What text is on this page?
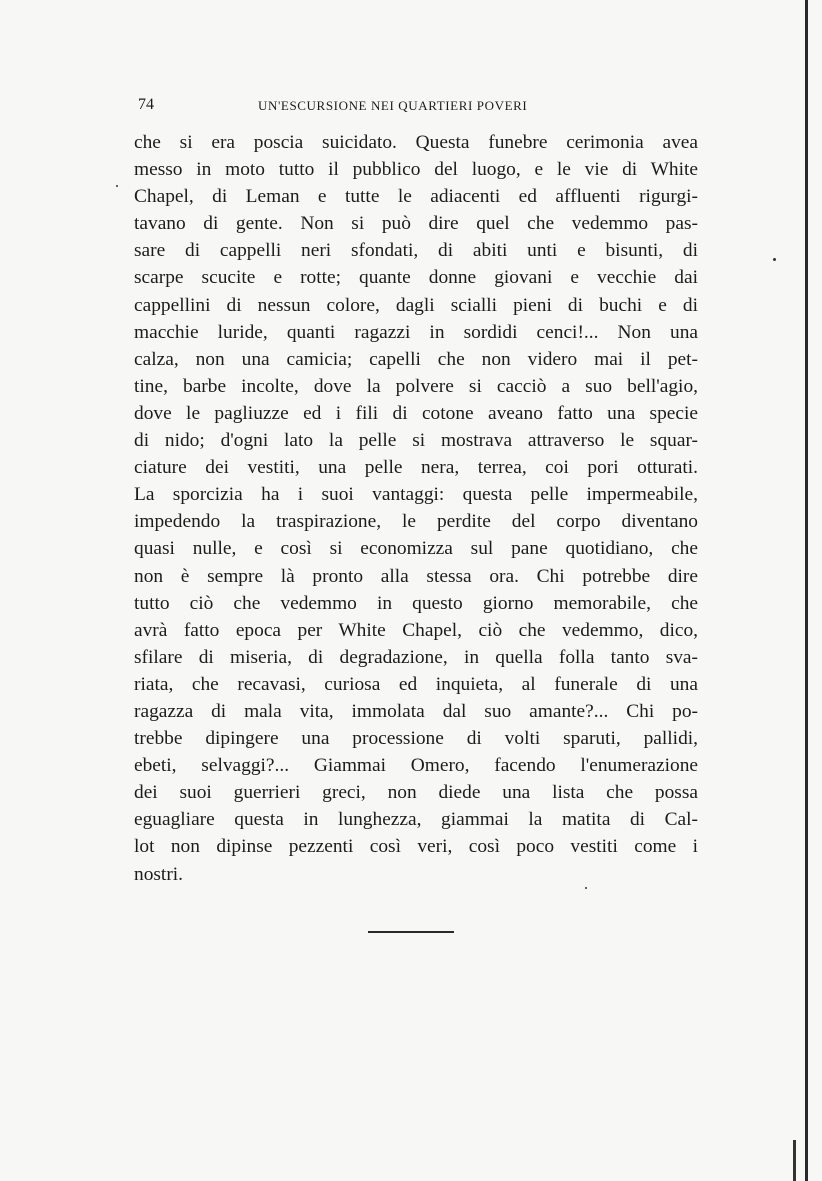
74	UN'ESCURSIONE NEI QUARTIERI POVERI
che si era poscia suicidato. Questa funebre cerimonia avea
messo in moto tutto il pubblico del luogo, e le vie di White
Chapel, di Leman e tutte le adiacenti ed affluenti rigurgi-
tavano di gente. Non si può dire quel che vedemmo pas-
sare di cappelli neri sfondati, di abiti unti e bisunti, di
scarpe scucite e rotte; quante donne giovani e vecchie dai
cappellini di nessun colore, dagli scialli pieni di buchi e di
macchie luride, quanti ragazzi in sordidi cenci!... Non una
calza, non una camicia; capelli che non videro mai il pet-
tine, barbe incolte, dove la polvere si cacciò a suo bell'agio,
dove le pagliuzze ed i fili di cotone aveano fatto una specie
di nido; d'ogni lato la pelle si mostrava attraverso le squar-
ciature dei vestiti, una pelle nera, terrea, coi pori otturati.
La sporcizia ha i suoi vantaggi: questa pelle impermeabile,
impedendo la traspirazione, le perdite del corpo diventano
quasi nulle, e così si economizza sul pane quotidiano, che
non è sempre là pronto alla stessa ora. Chi potrebbe dire
tutto ciò che vedemmo in questo giorno memorabile, che
avrà fatto epoca per White Chapel, ciò che vedemmo, dico,
sfilare di miseria, di degradazione, in quella folla tanto sva-
riata, che recavasi, curiosa ed inquieta, al funerale di una
ragazza di mala vita, immolata dal suo amante?... Chi po-
trebbe dipingere una processione di volti sparuti, pallidi,
ebeti, selvaggi?... Giammai Omero, facendo l'enumerazione
dei suoi guerrieri greci, non diede una lista che possa
eguagliare questa in lunghezza, giammai la matita di Cal-
lot non dipinse pezzenti così veri, così poco vestiti come i
nostri.
